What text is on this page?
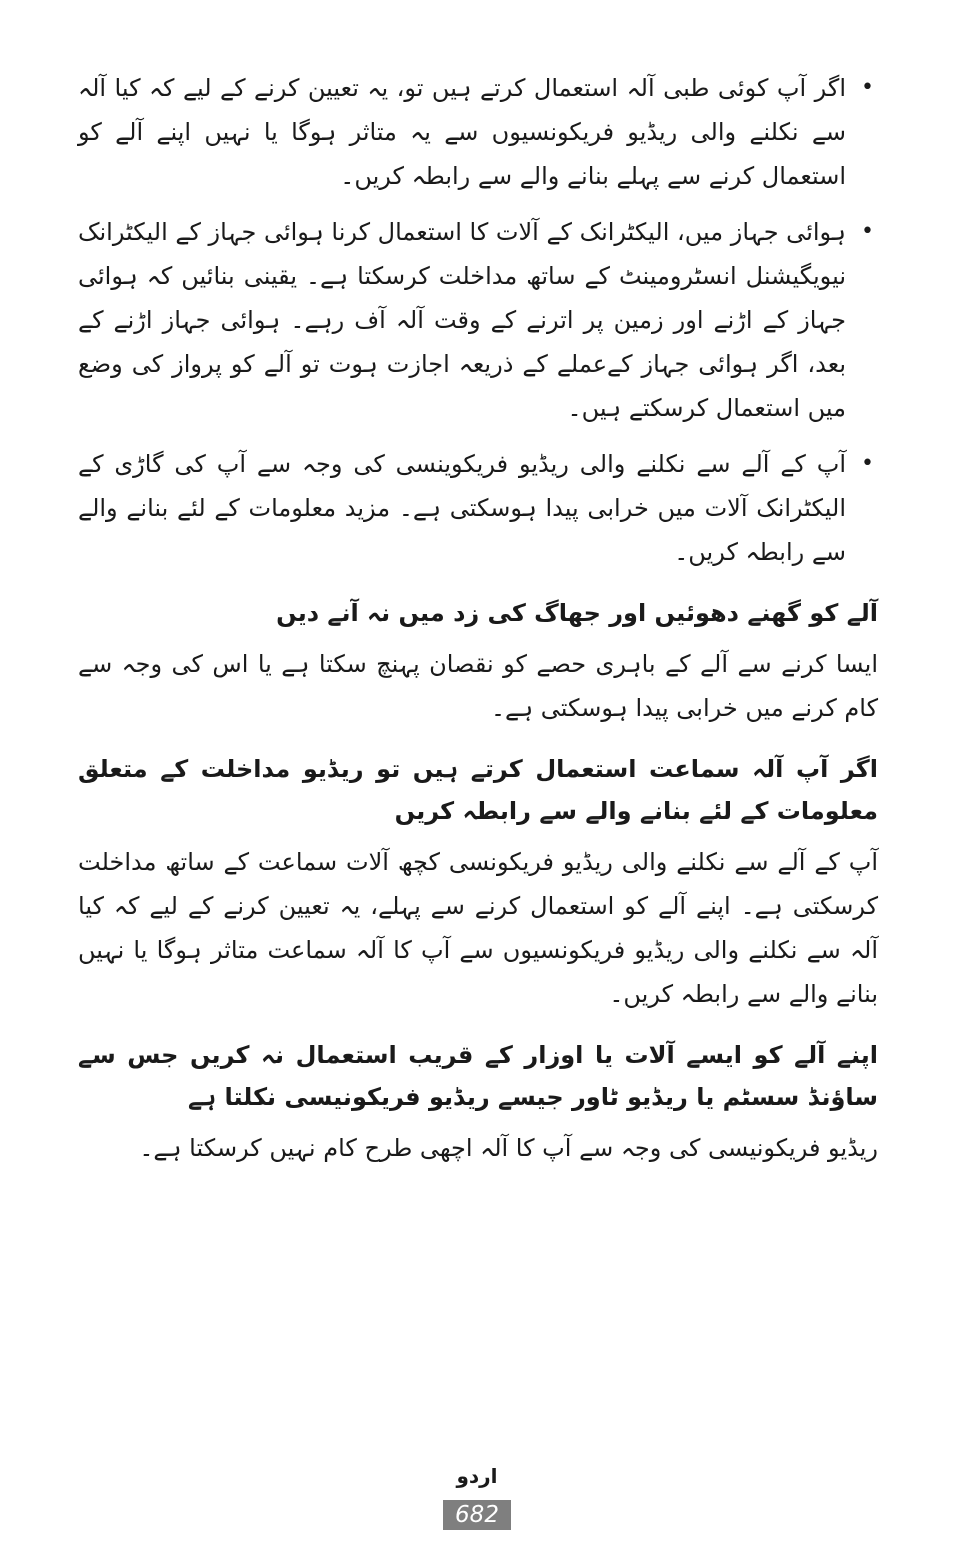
•
اگر آپ کوئی طبی آلہ استعمال کرتے ہیں تو، یہ تعیین کرنے کے لیے کہ کیا آلہ سے نکلنے والی ریڈیو فریکونسیوں سے یہ متاثر ہوگا یا نہیں اپنے آلے کو استعمال کرنے سے پہلے بنانے والے سے رابطہ کریں۔
•
ہوائی جہاز میں، الیکٹرانک کے آلات کا استعمال کرنا ہوائی جہاز کے الیکٹرانک نیویگیشنل انسٹرومینٹ کے ساتھ مداخلت کرسکتا ہے۔ یقینی بنائیں کہ ہوائی جہاز کے اڑنے اور زمین پر اترنے کے وقت آلہ آف رہے۔ ہوائی جہاز اڑنے کے بعد، اگر ہوائی جہاز کےعملے کے ذریعہ اجازت ہوت تو آلے کو پرواز کی وضع میں استعمال کرسکتے ہیں۔
•
آپ کے آلے سے نکلنے والی ریڈیو فریکوینسی کی وجہ سے آپ کی گاڑی کے الیکٹرانک آلات میں خرابی پیدا ہوسکتی ہے۔ مزید معلومات کے لئے بنانے والے سے رابطہ کریں۔
آلے کو گھنے دھوئیں اور جھاگ کی زد میں نہ آنے دیں

ایسا کرنے سے آلے کے باہری حصے کو نقصان پہنچ سکتا ہے یا اس کی وجہ سے کام کرنے میں خرابی پیدا ہوسکتی ہے۔

اگر آپ آلہ سماعت استعمال کرتے ہیں تو ریڈیو مداخلت کے متعلق معلومات کے لئے بنانے والے سے رابطہ کریں

آپ کے آلے سے نکلنے والی ریڈیو فریکونسی کچھ آلات سماعت کے ساتھ مداخلت کرسکتی ہے۔ اپنے آلے کو استعمال کرنے سے پہلے، یہ تعیین کرنے کے لیے کہ کیا آلہ سے نکلنے والی ریڈیو فریکونسیوں سے آپ کا آلہ سماعت متاثر ہوگا یا نہیں بنانے والے سے رابطہ کریں۔

اپنے آلے کو ایسے آلات یا اوزار کے قریب استعمال نہ کریں جس سے ساؤنڈ سسٹم یا ریڈیو ٹاور جیسے ریڈیو فریکونیسی نکلتا ہے

ریڈیو فریکونیسی کی وجہ سے آپ کا آلہ اچھی طرح کام نہیں کرسکتا ہے۔

اردو
682
